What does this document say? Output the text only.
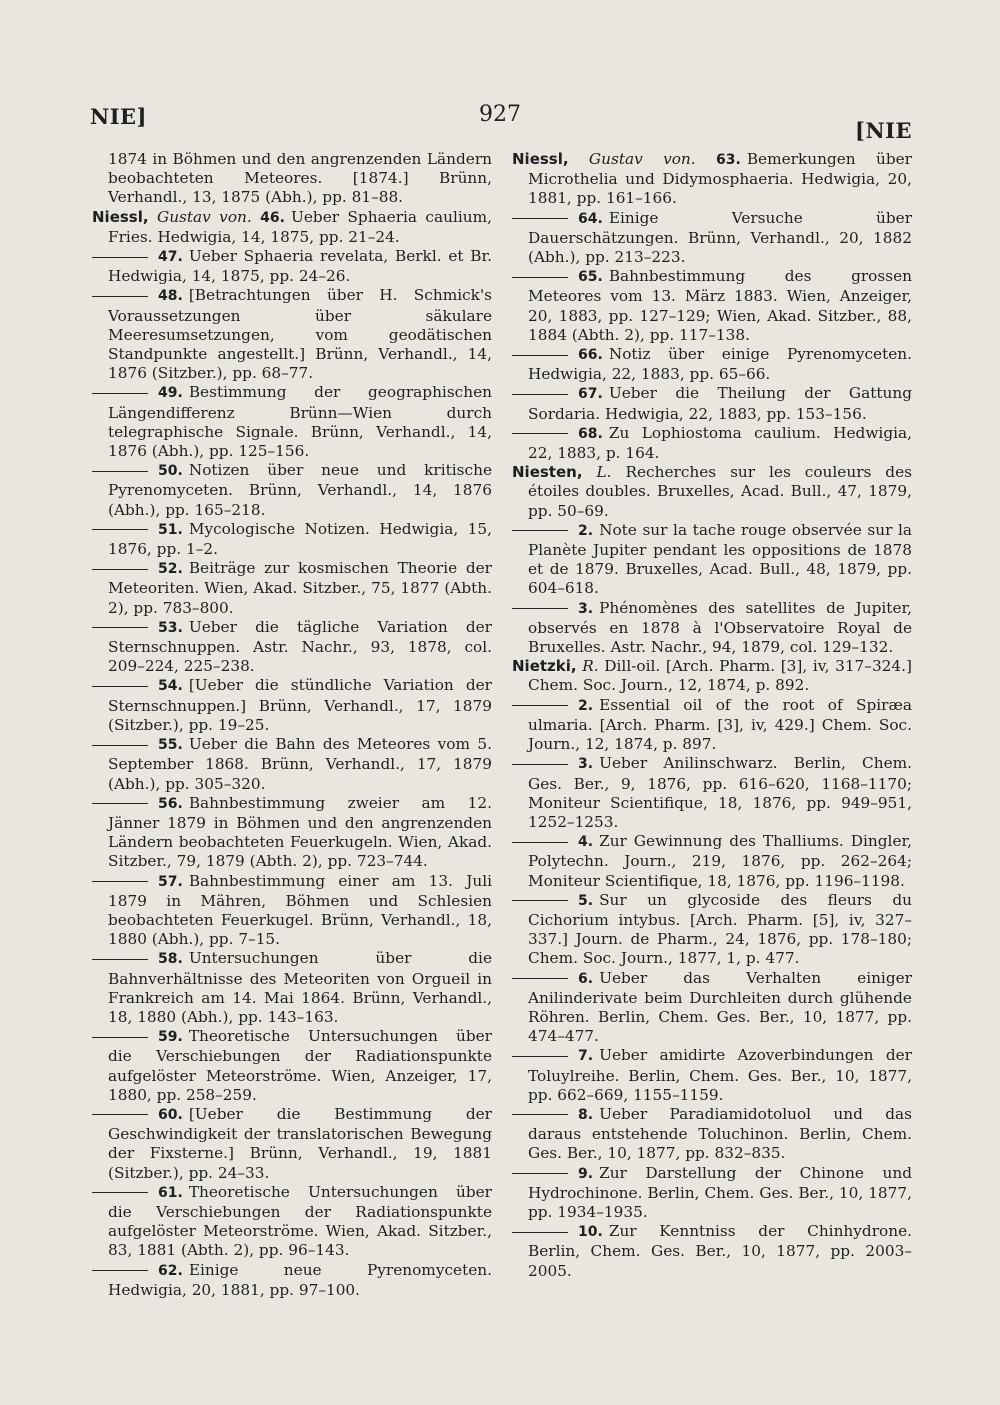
NIE]	927
[NIE

1874 in Böhmen und den angrenzenden Ländern beobachteten Meteores. [1874.] Brünn, Verhandl., 13, 1875 (Abh.), pp. 81–88.

Niessl, Gustav von. 46. Ueber Sphaeria caulium, Fries. Hedwigia, 14, 1875, pp. 21–24.

47. Ueber Sphaeria revelata, Berkl. et Br. Hedwigia, 14, 1875, pp. 24–26.

48. [Betrachtungen über H. Schmick's Voraussetzungen über säkulare Meeresumsetzungen, vom geodätischen Standpunkte angestellt.] Brünn, Verhandl., 14, 1876 (Sitzber.), pp. 68–77.

49. Bestimmung der geographischen Längendifferenz Brünn—Wien durch telegraphische Signale. Brünn, Verhandl., 14, 1876 (Abh.), pp. 125–156.

50. Notizen über neue und kritische Pyrenomyceten. Brünn, Verhandl., 14, 1876 (Abh.), pp. 165–218.

51. Mycologische Notizen. Hedwigia, 15, 1876, pp. 1–2.

52. Beiträge zur kosmischen Theorie der Meteoriten. Wien, Akad. Sitzber., 75, 1877 (Abth. 2), pp. 783–800.

53. Ueber die tägliche Variation der Sternschnuppen. Astr. Nachr., 93, 1878, col. 209–224, 225–238.

54. [Ueber die stündliche Variation der Sternschnuppen.] Brünn, Verhandl., 17, 1879 (Sitzber.), pp. 19–25.

55. Ueber die Bahn des Meteores vom 5. September 1868. Brünn, Verhandl., 17, 1879 (Abh.), pp. 305–320.

56. Bahnbestimmung zweier am 12. Jänner 1879 in Böhmen und den angrenzenden Ländern beobachteten Feuerkugeln. Wien, Akad. Sitzber., 79, 1879 (Abth. 2), pp. 723–744.

57. Bahnbestimmung einer am 13. Juli 1879 in Mähren, Böhmen und Schlesien beobachteten Feuerkugel. Brünn, Verhandl., 18, 1880 (Abh.), pp. 7–15.

58. Untersuchungen über die Bahnverhältnisse des Meteoriten von Orgueil in Frankreich am 14. Mai 1864. Brünn, Verhandl., 18, 1880 (Abh.), pp. 143–163.

59. Theoretische Untersuchungen über die Verschiebungen der Radiationspunkte aufgelöster Meteorströme. Wien, Anzeiger, 17, 1880, pp. 258–259.

60. [Ueber die Bestimmung der Geschwindigkeit der translatorischen Bewegung der Fixsterne.] Brünn, Verhandl., 19, 1881 (Sitzber.), pp. 24–33.

61. Theoretische Untersuchungen über die Verschiebungen der Radiationspunkte aufgelöster Meteorströme. Wien, Akad. Sitzber., 83, 1881 (Abth. 2), pp. 96–143.

62. Einige neue Pyrenomyceten. Hedwigia, 20, 1881, pp. 97–100.

Niessl, Gustav von. 63. Bemerkungen über Microthelia und Didymosphaeria. Hedwigia, 20, 1881, pp. 161–166.

64. Einige Versuche über Dauerschätzungen. Brünn, Verhandl., 20, 1882 (Abh.), pp. 213–223.

65. Bahnbestimmung des grossen Meteores vom 13. März 1883. Wien, Anzeiger, 20, 1883, pp. 127–129; Wien, Akad. Sitzber., 88, 1884 (Abth. 2), pp. 117–138.

66. Notiz über einige Pyrenomyceten. Hedwigia, 22, 1883, pp. 65–66.

67. Ueber die Theilung der Gattung Sordaria. Hedwigia, 22, 1883, pp. 153–156.

68. Zu Lophiostoma caulium. Hedwigia, 22, 1883, p. 164.

Niesten, L. Recherches sur les couleurs des étoiles doubles. Bruxelles, Acad. Bull., 47, 1879, pp. 50–69.

2. Note sur la tache rouge observée sur la Planète Jupiter pendant les oppositions de 1878 et de 1879. Bruxelles, Acad. Bull., 48, 1879, pp. 604–618.

3. Phénomènes des satellites de Jupiter, observés en 1878 à l'Observatoire Royal de Bruxelles. Astr. Nachr., 94, 1879, col. 129–132.

Nietzki, R. Dill-oil. [Arch. Pharm. [3], iv, 317–324.] Chem. Soc. Journ., 12, 1874, p. 892.

2. Essential oil of the root of Spiræa ulmaria. [Arch. Pharm. [3], iv, 429.] Chem. Soc. Journ., 12, 1874, p. 897.

3. Ueber Anilinschwarz. Berlin, Chem. Ges. Ber., 9, 1876, pp. 616–620, 1168–1170; Moniteur Scientifique, 18, 1876, pp. 949–951, 1252–1253.

4. Zur Gewinnung des Thalliums. Dingler, Polytechn. Journ., 219, 1876, pp. 262–264; Moniteur Scientifique, 18, 1876, pp. 1196–1198.

5. Sur un glycoside des fleurs du Cichorium intybus. [Arch. Pharm. [5], iv, 327–337.] Journ. de Pharm., 24, 1876, pp. 178–180; Chem. Soc. Journ., 1877, 1, p. 477.

6. Ueber das Verhalten einiger Anilinderivate beim Durchleiten durch glühende Röhren. Berlin, Chem. Ges. Ber., 10, 1877, pp. 474–477.

7. Ueber amidirte Azoverbindungen der Toluylreihe. Berlin, Chem. Ges. Ber., 10, 1877, pp. 662–669, 1155–1159.

8. Ueber Paradiamidotoluol und das daraus entstehende Toluchinon. Berlin, Chem. Ges. Ber., 10, 1877, pp. 832–835.

9. Zur Darstellung der Chinone und Hydrochinone. Berlin, Chem. Ges. Ber., 10, 1877, pp. 1934–1935.

10. Zur Kenntniss der Chinhydrone. Berlin, Chem. Ges. Ber., 10, 1877, pp. 2003–2005.
